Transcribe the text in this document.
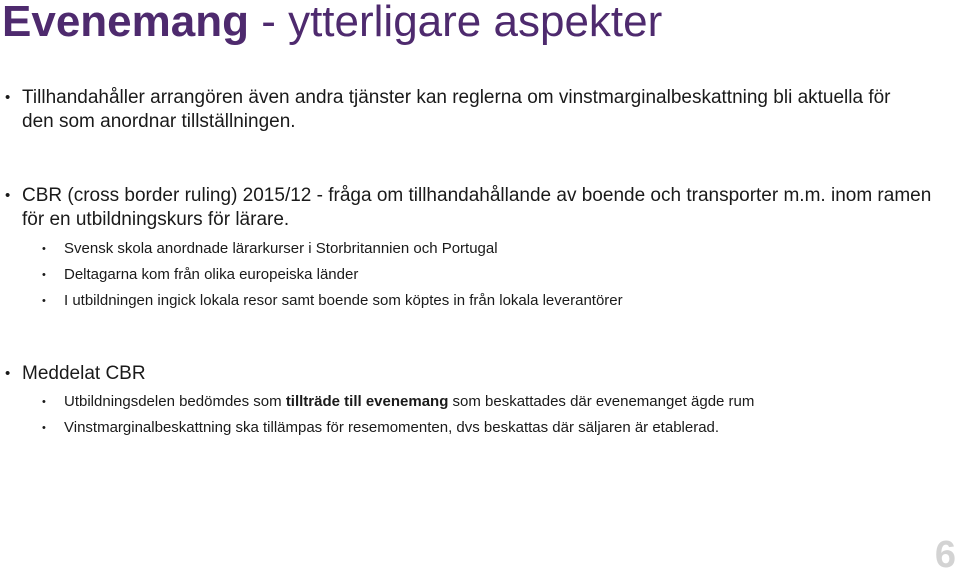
Evenemang - ytterligare aspekter

• Tillhandahåller arrangören även andra tjänster kan reglerna om vinstmarginalbeskattning bli aktuella för den som anordnar tillställningen.

• CBR (cross border ruling) 2015/12 - fråga om tillhandahållande av boende och transporter m.m. inom ramen för en utbildningskurs för lärare.

• Svensk skola anordnade lärarkurser i Storbritannien och Portugal

• Deltagarna kom från olika europeiska länder

• I utbildningen ingick lokala resor samt boende som köptes in från lokala leverantörer

• Meddelat CBR

• Utbildningsdelen bedömdes som tillträde till evenemang som beskattades där evenemanget ägde rum

• Vinstmarginalbeskattning ska tillämpas för resemomenten, dvs beskattas där säljaren är etablerad.

6
